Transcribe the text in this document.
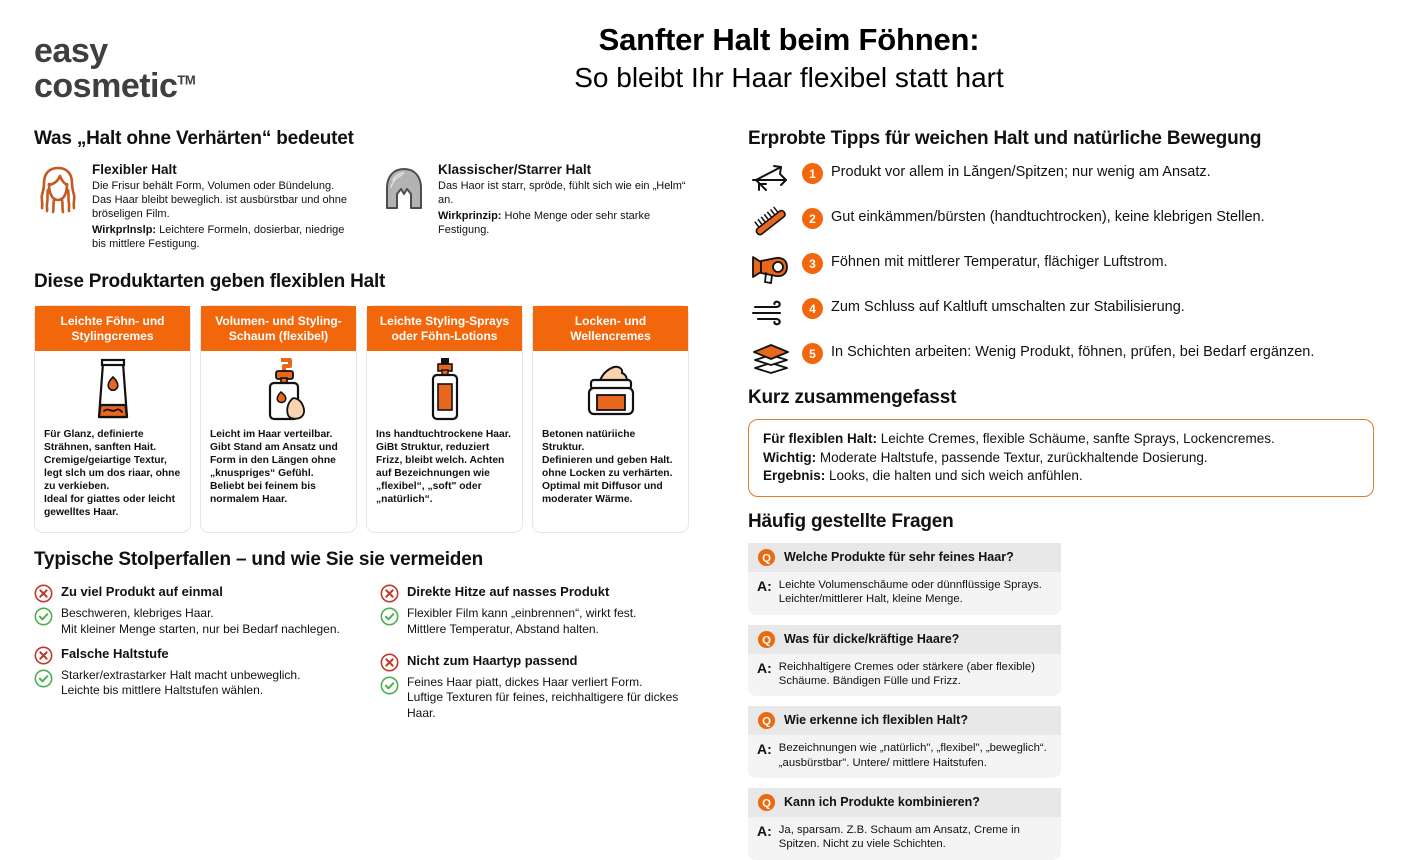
easy
cosmetic™
Sanfter Halt beim Föhnen:
So bleibt Ihr Haar flexibel statt hart
Was „Halt ohne Verhärten“ bedeutet
Flexibler Halt

Die Frisur behält Form, Volumen oder Bündelung. Das Haar bleibt beweglich. ist ausbürstbar und ohne bröseligen Film.

Wirkprlnslp: Leichtere Formeln, dosierbar, niedrige bis mittlere Festigung.

Klassischer/Starrer Halt

Das Haor ist starr, spröde, fühlt sich wie ein „Helm“ an.

Wirkprinzip: Hohe Menge oder sehr starke Festigung.

Diese Produktarten geben flexiblen Halt
Leichte Föhn- und Stylingcremes
Für Glanz, definierte Strähnen, sanften Hait. Cremige/geiartige Textur, legt slch um dos riaar, ohne zu verkieben.
Ideal for giattes oder leicht gewelltes Haar.
Volumen- und Styling-Schaum (flexibel)
Leicht im Haar verteilbar.
Gibt Stand am Ansatz und Form in den Längen ohne „knuspriges“ Gefühl.
Beliebt bei feinem bis normalem Haar.
Leichte Styling-Sprays oder Föhn-Lotions
Ins handtuchtrockene Haar.
GiBt Struktur, reduziert Frizz, bleibt welch. Achten auf Bezeichnungen wie „flexibel“, „soft" oder „natürlich“.
Locken- und Wellencremes
Betonen natüriiche Struktur.
Definieren und geben Halt. ohne Locken zu verhärten.
Optimal mit Diffusor und moderater Wärme.
Typische Stolperfallen – und wie Sie sie vermeiden
Zu viel Produkt auf einmal
Beschweren, klebriges Haar.
Mit kleiner Menge starten, nur bei Bedarf nachlegen.
Falsche Haltstufe
Starker/extrastarker Halt macht unbeweglich.
Leichte bis mittlere Haltstufen wählen.
Direkte Hitze auf nasses Produkt
Flexibler Film kann „einbrennen“, wirkt fest.
Mittlere Temperatur, Abstand halten.
Nicht zum Haartyp passend
Feines Haar piatt, dickes Haar verliert Form.
Luftige Texturen für feines, reichhaltigere für dickes Haar.
Erprobte Tipps für weichen Halt und natürliche Bewegung
1	Produkt vor allem in Lǎngen/Spitzen; nur wenig am Ansatz.
2	Gut einkämmen/bürsten (handtuchtrocken), keine klebrigen Stellen.
3	Föhnen mit mittlerer Temperatur, flächiger Luftstrom.
4	Zum Schluss auf Kaltluft umschalten zur Stabilisierung.
5	In Schichten arbeiten: Wenig Produkt, föhnen, prüfen, bei Bedarf ergänzen.
Kurz zusammengefasst
Für flexiblen Halt: Leichte Cremes, flexible Schäume, sanfte Sprays, Lockencremes.
Wichtig: Moderate Haltstufe, passende Textur, zurückhaltende Dosierung.
Ergebnis: Looks, die halten und sich weich anfühlen.
Häufig gestellte Fragen
Q Welche Produkte für sehr feines Haar?
A: Leichte Volumenschǎume oder dünnflüssige Sprays. Leichter/mittlerer Halt, kleine Menge.
Q Was für dicke/kräftige Haare?
A: Reichhaltigere Cremes oder stärkere (aber flexible) Schäume. Bändigen Fülle und Frizz.
Q Wie erkenne ich flexiblen Halt?
A: Bezeichnungen wie „natürlich", „flexibel", „beweglich“. „ausbürstbar". Untere/ mittlere Haitstufen.
Q Kann ich Produkte kombinieren?
A: Ja, sparsam. Z.B. Schaum am Ansatz, Creme in Spitzen. Nicht zu viele Schichten.
